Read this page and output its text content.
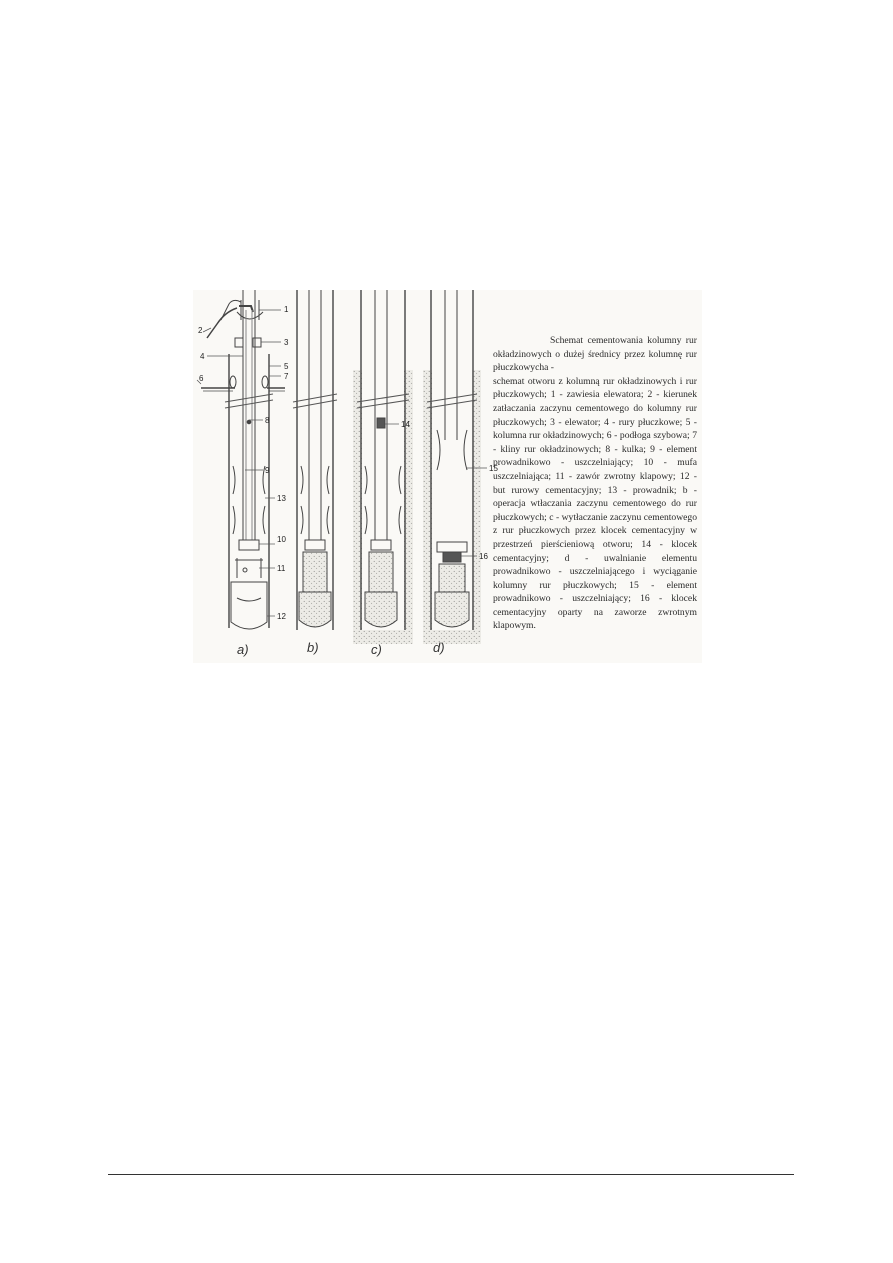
1
2
3
4
5
6	7
8
9
10
11
12
13
14
15
16
a)	b)	c)	d)
Schemat cementowania kolumny rur okładzinowych o dużej średnicy przez kolumnę rur płuczkowycha -
schemat otworu z kolumną rur okładzinowych i rur płuczkowych; 1 - zawiesia elewatora; 2 - kierunek zatłaczania zaczynu cementowego do kolumny rur płuczkowych; 3 - elewator; 4 - rury płuczkowe; 5 - kolumna rur okładzinowych; 6 - podłoga szybowa; 7 - kliny rur okładzinowych; 8 - kulka; 9 - element prowadnikowo - uszczelniający; 10 - mufa uszczelniająca; 11 - zawór zwrotny klapowy; 12 - but rurowy cementacyjny; 13 - prowadnik; b - operacja wtłaczania zaczynu cementowego do rur płuczkowych; c - wytłaczanie zaczynu cementowego z rur płuczkowych przez klocek cementacyjny w przestrzeń pierścieniową otworu; 14 - klocek cementacyjny; d - uwalnianie elementu prowadnikowo - uszczelniającego i wyciąganie kolumny rur płuczkowych; 15 - element prowadnikowo - uszczelniający; 16 - klocek cementacyjny oparty na zaworze zwrotnym klapowym.
